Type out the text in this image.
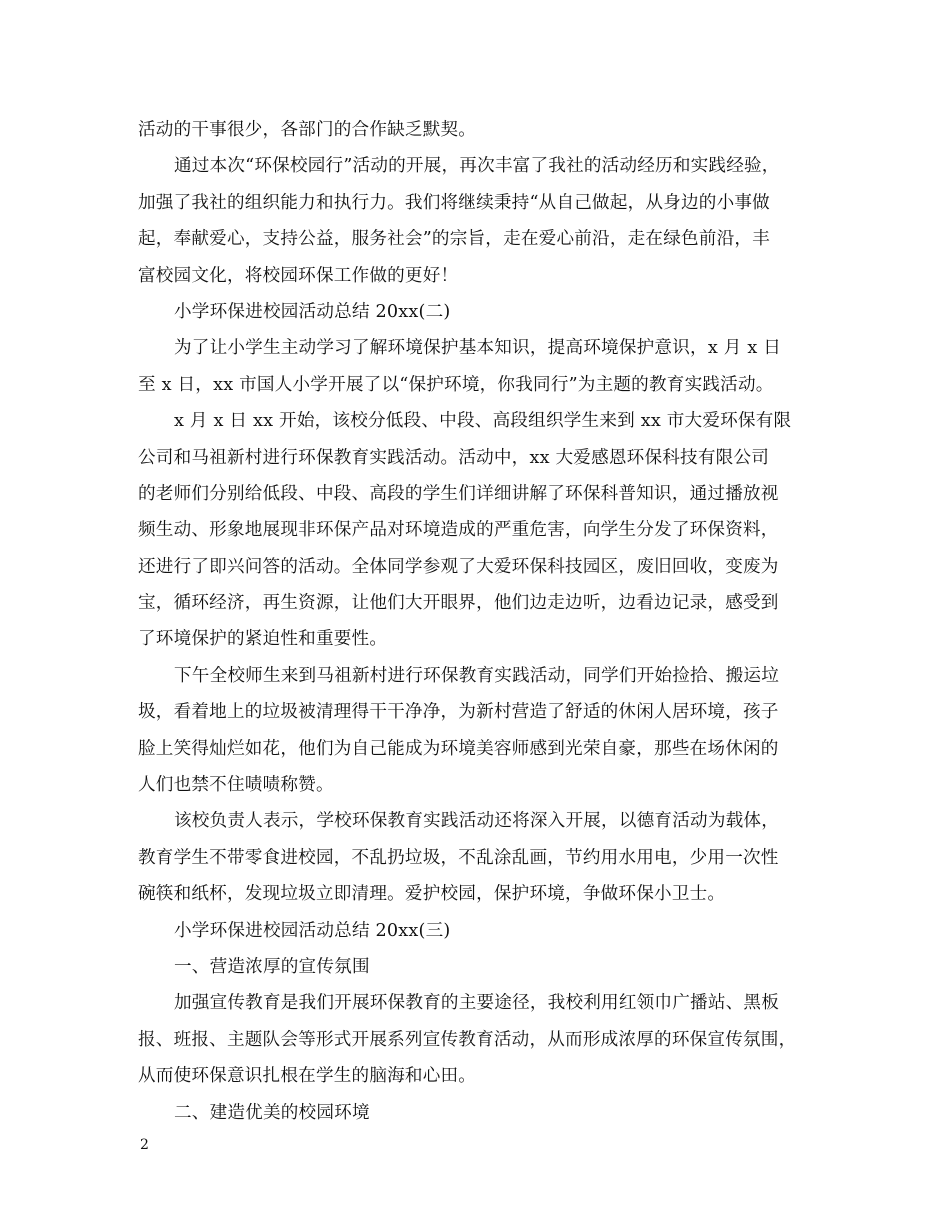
活动的干事很少，各部门的合作缺乏默契。
通过本次“环保校园行”活动的开展，再次丰富了我社的活动经历和实践经验，
加强了我社的组织能力和执行力。我们将继续秉持“从自己做起，从身边的小事做
起，奉献爱心，支持公益，服务社会”的宗旨，走在爱心前沿，走在绿色前沿，丰
富校园文化，将校园环保工作做的更好！
小学环保进校园活动总结 20xx(二)
为了让小学生主动学习了解环境保护基本知识，提高环境保护意识，x 月 x 日
至 x 日，xx 市国人小学开展了以“保护环境，你我同行”为主题的教育实践活动。
x 月 x 日 xx 开始，该校分低段、中段、高段组织学生来到 xx 市大爱环保有限
公司和马祖新村进行环保教育实践活动。活动中，xx 大爱感恩环保科技有限公司
的老师们分别给低段、中段、高段的学生们详细讲解了环保科普知识，通过播放视
频生动、形象地展现非环保产品对环境造成的严重危害，向学生分发了环保资料，
还进行了即兴问答的活动。全体同学参观了大爱环保科技园区，废旧回收，变废为
宝，循环经济，再生资源，让他们大开眼界，他们边走边听，边看边记录，感受到
了环境保护的紧迫性和重要性。
下午全校师生来到马祖新村进行环保教育实践活动，同学们开始捡拾、搬运垃
圾，看着地上的垃圾被清理得干干净净，为新村营造了舒适的休闲人居环境，孩子
脸上笑得灿烂如花，他们为自己能成为环境美容师感到光荣自豪，那些在场休闲的
人们也禁不住啧啧称赞。
该校负责人表示，学校环保教育实践活动还将深入开展，以德育活动为载体，
教育学生不带零食进校园，不乱扔垃圾，不乱涂乱画，节约用水用电，少用一次性
碗筷和纸杯，发现垃圾立即清理。爱护校园，保护环境，争做环保小卫士。
小学环保进校园活动总结 20xx(三)
一、营造浓厚的宣传氛围
加强宣传教育是我们开展环保教育的主要途径，我校利用红领巾广播站、黑板
报、班报、主题队会等形式开展系列宣传教育活动，从而形成浓厚的环保宣传氛围，
从而使环保意识扎根在学生的脑海和心田。
二、建造优美的校园环境
2
